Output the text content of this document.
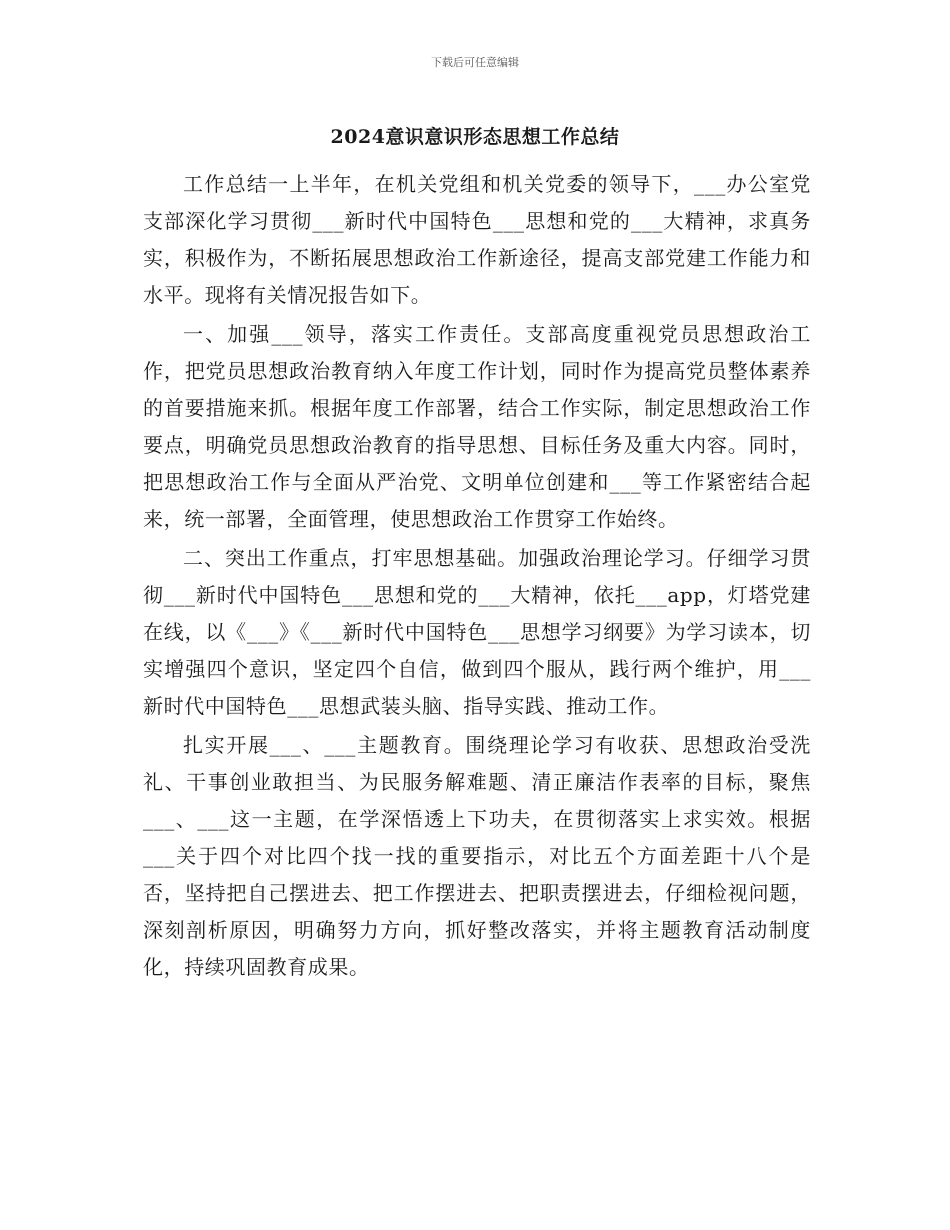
下载后可任意编辑
2024意识意识形态思想工作总结

工作总结一上半年，在机关党组和机关党委的领导下，___办公室党支部深化学习贯彻___新时代中国特色___思想和党的___大精神，求真务实，积极作为，不断拓展思想政治工作新途径，提高支部党建工作能力和水平。现将有关情况报告如下。

一、加强___领导，落实工作责任。支部高度重视党员思想政治工作，把党员思想政治教育纳入年度工作计划，同时作为提高党员整体素养的首要措施来抓。根据年度工作部署，结合工作实际，制定思想政治工作要点，明确党员思想政治教育的指导思想、目标任务及重大内容。同时，把思想政治工作与全面从严治党、文明单位创建和___等工作紧密结合起来，统一部署，全面管理，使思想政治工作贯穿工作始终。

二、突出工作重点，打牢思想基础。加强政治理论学习。仔细学习贯彻___新时代中国特色___思想和党的___大精神，依托___app，灯塔党建在线，以《___》《___新时代中国特色___思想学习纲要》为学习读本，切实增强四个意识，坚定四个自信，做到四个服从，践行两个维护，用___新时代中国特色___思想武装头脑、指导实践、推动工作。

扎实开展___、___主题教育。围绕理论学习有收获、思想政治受洗礼、干事创业敢担当、为民服务解难题、清正廉洁作表率的目标，聚焦___、___这一主题，在学深悟透上下功夫，在贯彻落实上求实效。根据___关于四个对比四个找一找的重要指示，对比五个方面差距十八个是否，坚持把自己摆进去、把工作摆进去、把职责摆进去，仔细检视问题，深刻剖析原因，明确努力方向，抓好整改落实，并将主题教育活动制度化，持续巩固教育成果。
